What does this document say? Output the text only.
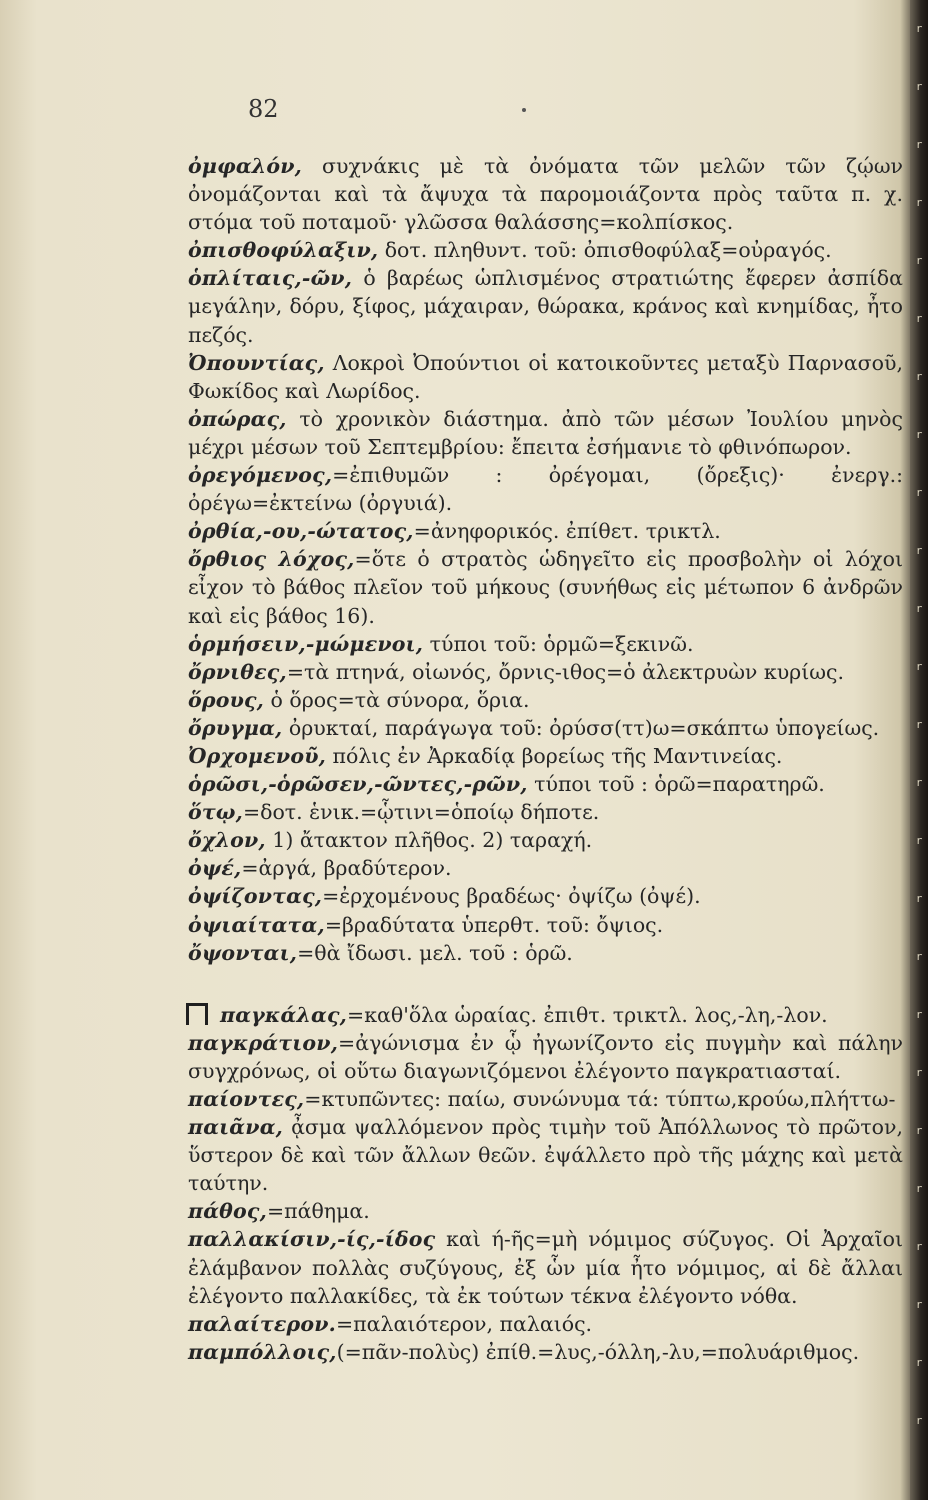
r
r
r
r
r
r
r
r
r
r
r
r
r
r
r
r
r
r
r
r
r
r
r
r
r
82
ὀμφαλόν, συχνάκις μὲ τὰ ὀνόματα τῶν μελῶν τῶν ζῴων ὀνομάζονται καὶ τὰ ἄψυχα τὰ παρομοιάζοντα πρὸς ταῦτα π. χ. στόμα τοῦ ποταμοῦ· γλῶσσα θαλάσσης=κολπίσκος.
ὀπισθοφύλαξιν, δοτ. πληθυντ. τοῦ: ὀπισθοφύλαξ=οὐραγός.
ὁπλίταις,-ῶν, ὁ βαρέως ὡπλισμένος στρατιώτης ἔφερεν ἀσπίδα μεγάλην, δόρυ, ξίφος, μάχαιραν, θώρακα, κράνος καὶ κνημίδας, ἦτο πεζός.
Ὀπουντίας, Λοκροὶ Ὀπούντιοι οἱ κατοικοῦντες μεταξὺ Παρνασοῦ, Φωκίδος καὶ Λωρίδος.
ὀπώρας, τὸ χρονικὸν διάστημα. ἀπὸ τῶν μέσων Ἰουλίου μηνὸς μέχρι μέσων τοῦ Σεπτεμβρίου: ἔπειτα ἐσήμανιε τὸ φθινόπωρον.
ὀρεγόμενος,=ἐπιθυμῶν : ὀρέγομαι, (ὄρεξις)· ἐνεργ.: ὀρέγω=ἐκτείνω (ὀργυιά).
ὀρθία,-ου,-ώτατος,=ἀνηφορικός. ἐπίθετ. τρικτλ.
ὄρθιος λόχος,=ὅτε ὁ στρατὸς ὡδηγεῖτο εἰς προσβολὴν οἱ λόχοι εἶχον τὸ βάθος πλεῖον τοῦ μήκους (συνήθως εἰς μέτωπον 6 ἀνδρῶν καὶ εἰς βάθος 16).
ὁρμήσειν,-μώμενοι, τύποι τοῦ: ὁρμῶ=ξεκινῶ.
ὄρνιθες,=τὰ πτηνά, οἰωνός, ὄρνις-ιθος=ὁ ἀλεκτρυὼν κυρίως.
ὅρους, ὁ ὅρος=τὰ σύνορα, ὅρια.
ὄρυγμα, ὀρυκταί, παράγωγα τοῦ: ὀρύσσ(ττ)ω=σκάπτω ὑπογείως.
Ὀρχομενοῦ, πόλις ἐν Ἀρκαδίᾳ βορείως τῆς Μαντινείας.
ὁρῶσι,-ὁρῶσεν,-ῶντες,-ρῶν, τύποι τοῦ : ὁρῶ=παρατηρῶ.
ὅτῳ,=δοτ. ἑνικ.=ᾧτινι=ὁποίῳ δήποτε.
ὄχλον, 1) ἄτακτον πλῆθος. 2) ταραχή.
ὀψέ,=ἀργά, βραδύτερον.
ὀψίζοντας,=ἐρχομένους βραδέως· ὀψίζω (ὀψέ).
ὀψιαίτατα,=βραδύτατα ὑπερθτ. τοῦ: ὄψιος.
ὄψονται,=θὰ ἴδωσι. μελ. τοῦ : ὁρῶ.
παγκάλας,=καθ'ὅλα ὡραίας. ἐπιθτ. τρικτλ. λος,-λη,-λον.
παγκράτιον,=ἀγώνισμα ἐν ᾧ ἠγωνίζοντο εἰς πυγμὴν καὶ πάλην συγχρόνως, οἱ οὕτω διαγωνιζόμενοι ἐλέγοντο παγκρατιασταί.
παίοντες,=κτυπῶντες: παίω, συνώνυμα τά: τύπτω,κρούω,πλήττω-
παιᾶνα, ᾆσμα ψαλλόμενον πρὸς τιμὴν τοῦ Ἀπόλλωνος τὸ πρῶτον, ὕστερον δὲ καὶ τῶν ἄλλων θεῶν. ἐψάλλετο πρὸ τῆς μάχης καὶ μετὰ ταύτην.
πάθος,=πάθημα.
παλλακίσιν,-ίς,-ίδος καὶ ή-ῆς=μὴ νόμιμος σύζυγος. Οἱ Ἀρχαῖοι ἐλάμβανον πολλὰς συζύγους, ἐξ ὧν μία ἦτο νόμιμος, αἱ δὲ ἄλλαι ἐλέγοντο παλλακίδες, τὰ ἐκ τούτων τέκνα ἐλέγοντο νόθα.
παλαίτερον.=παλαιότερον, παλαιός.
παμπόλλοις,(=πᾶν-πολὺς) ἐπίθ.=λυς,-όλλη,-λυ,=πολυάριθμος.
